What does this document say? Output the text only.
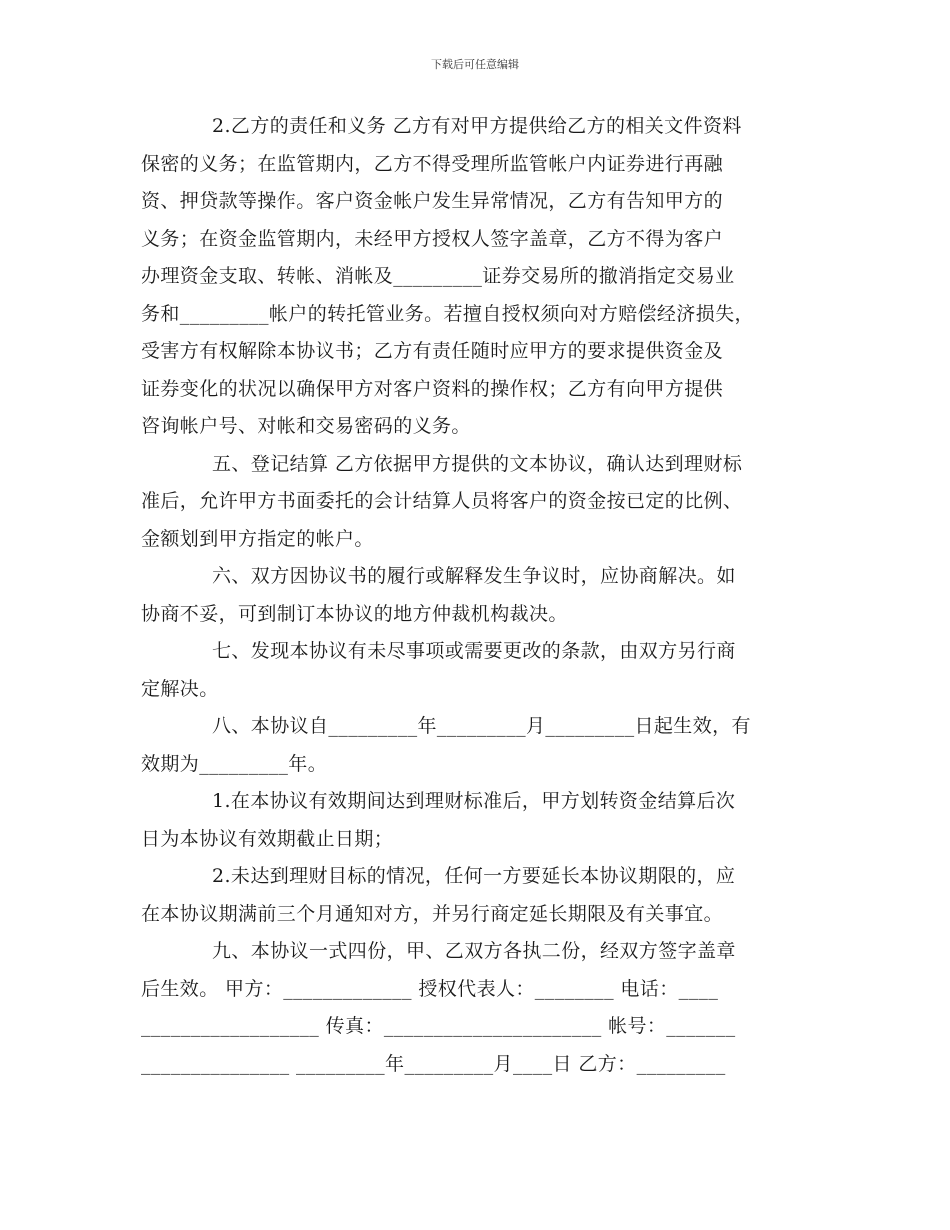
下载后可任意编辑
2.乙方的责任和义务 乙方有对甲方提供给乙方的相关文件资料
保密的义务；在监管期内，乙方不得受理所监管帐户内证券进行再融
资、押贷款等操作。客户资金帐户发生异常情况，乙方有告知甲方的
义务；在资金监管期内，未经甲方授权人签字盖章，乙方不得为客户
办理资金支取、转帐、消帐及_________证券交易所的撤消指定交易业
务和_________帐户的转托管业务。若擅自授权须向对方赔偿经济损失，
受害方有权解除本协议书；乙方有责任随时应甲方的要求提供资金及
证券变化的状况以确保甲方对客户资料的操作权；乙方有向甲方提供
咨询帐户号、对帐和交易密码的义务。
五、登记结算 乙方依据甲方提供的文本协议，确认达到理财标
准后，允许甲方书面委托的会计结算人员将客户的资金按已定的比例、
金额划到甲方指定的帐户。
六、双方因协议书的履行或解释发生争议时，应协商解决。如
协商不妥，可到制订本协议的地方仲裁机构裁决。
七、发现本协议有未尽事项或需要更改的条款，由双方另行商
定解决。
八、本协议自_________年_________月_________日起生效，有
效期为_________年。
1.在本协议有效期间达到理财标准后，甲方划转资金结算后次
日为本协议有效期截止日期；
2.未达到理财目标的情况，任何一方要延长本协议期限的，应
在本协议期满前三个月通知对方，并另行商定延长期限及有关事宜。
九、本协议一式四份，甲、乙双方各执二份，经双方签字盖章
后生效。 甲方：_____________ 授权代表人：________ 电话：____
__________________ 传真：______________________ 帐号：_______
_______________ _________年_________月____日 乙方：_________
